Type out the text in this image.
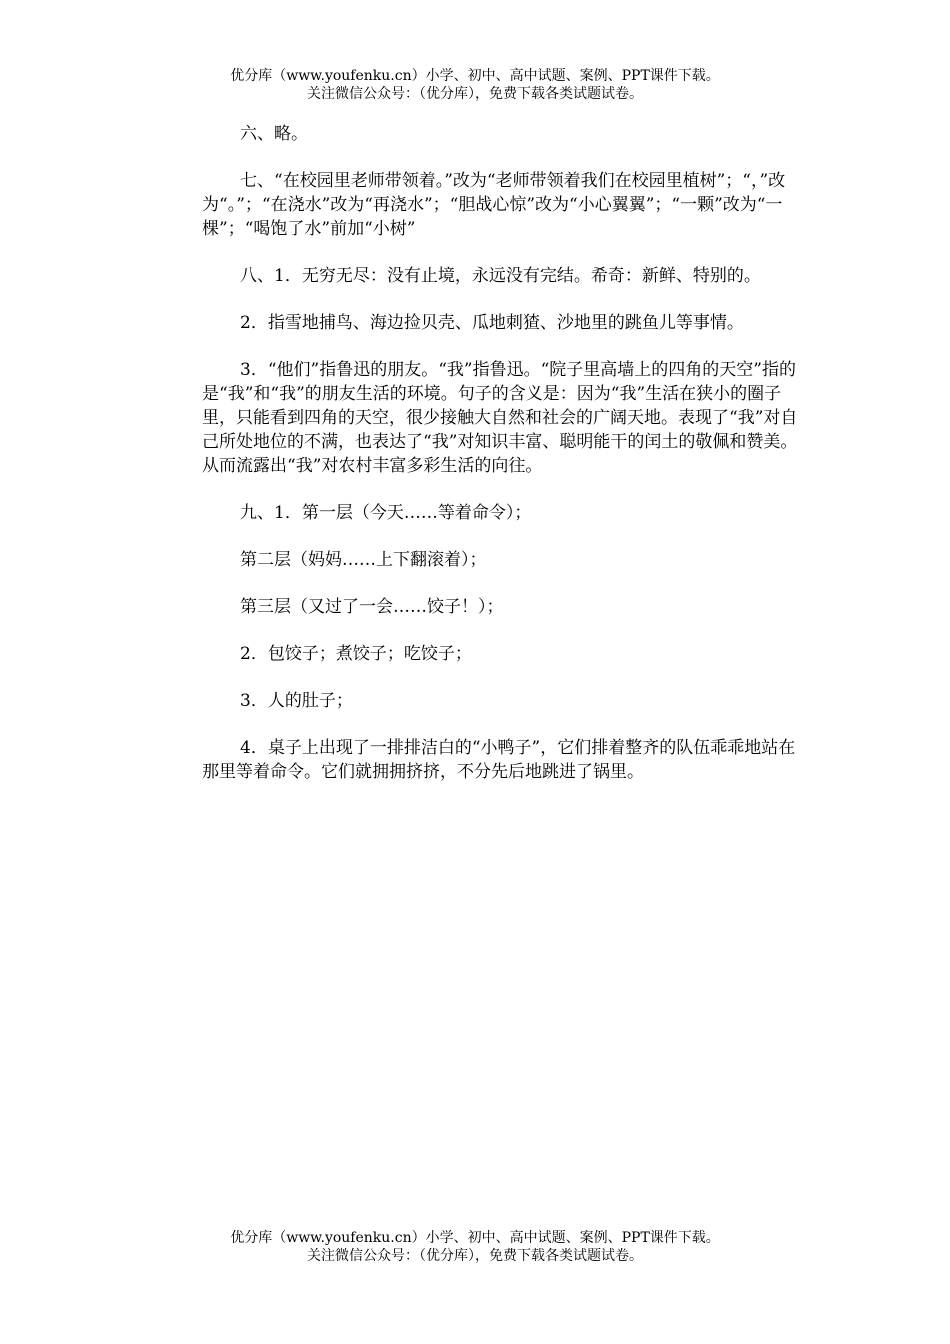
优分库（www.youfenku.cn）小学、初中、高中试题、案例、PPT课件下载。
关注微信公众号：（优分库），免费下载各类试题试卷。

六、略。

七、“在校园里老师带领着。”改为“老师带领着我们在校园里植树”；“，”改为“。”；“在浇水”改为“再浇水”；“胆战心惊”改为“小心翼翼”；“一颗”改为“一棵”；“喝饱了水”前加“小树”

八、1．无穷无尽：没有止境，永远没有完结。希奇：新鲜、特别的。

2．指雪地捕鸟、海边捡贝壳、瓜地刺猹、沙地里的跳鱼儿等事情。

3．“他们”指鲁迅的朋友。“我”指鲁迅。“院子里高墙上的四角的天空”指的是“我”和“我”的朋友生活的环境。句子的含义是：因为“我”生活在狭小的圈子里，只能看到四角的天空，很少接触大自然和社会的广阔天地。表现了“我”对自己所处地位的不满，也表达了“我”对知识丰富、聪明能干的闰土的敬佩和赞美。从而流露出“我”对农村丰富多彩生活的向往。

九、1．第一层（今天……等着命令）；

第二层（妈妈……上下翻滚着）；

第三层（又过了一会……饺子！）；

2．包饺子；煮饺子；吃饺子；

3．人的肚子；

4．桌子上出现了一排排洁白的“小鸭子”，它们排着整齐的队伍乖乖地站在那里等着命令。它们就拥拥挤挤，不分先后地跳进了锅里。

优分库（www.youfenku.cn）小学、初中、高中试题、案例、PPT课件下载。
关注微信公众号：（优分库），免费下载各类试题试卷。
